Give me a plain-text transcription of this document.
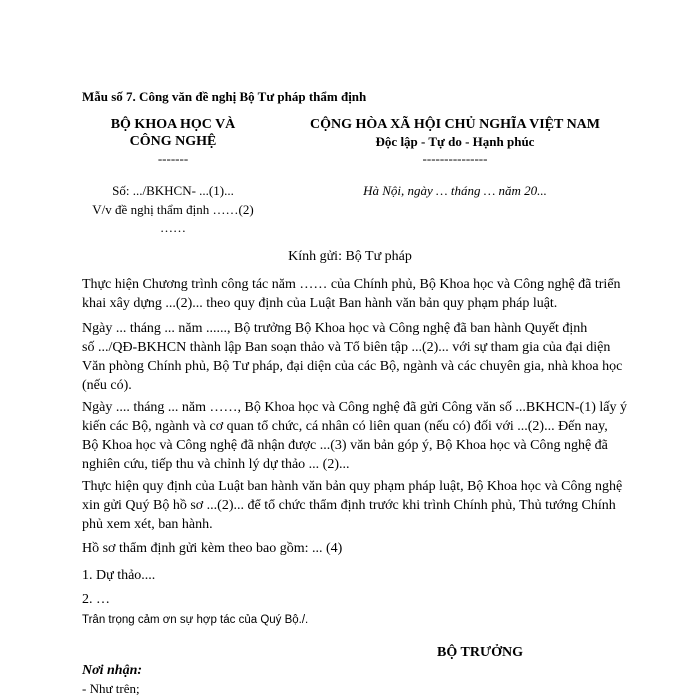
Mẫu số 7. Công văn đề nghị Bộ Tư pháp thẩm định
BỘ KHOA HỌC VÀ
CÔNG NGHỆ
-------
Số: .../BKHCN- ...(1)...
V/v đề nghị thẩm định ……(2)
……
CỘNG HÒA XÃ HỘI CHỦ NGHĨA VIỆT NAM
Độc lập - Tự do - Hạnh phúc
---------------
Hà Nội, ngày … tháng … năm 20...
Kính gửi: Bộ Tư pháp
Thực hiện Chương trình công tác năm …… của Chính phủ, Bộ Khoa học và Công nghệ đã triển
khai xây dựng ...(2)... theo quy định của Luật Ban hành văn bản quy phạm pháp luật.
Ngày ... tháng ... năm ......, Bộ trưởng Bộ Khoa học và Công nghệ đã ban hành Quyết định
số .../QĐ-BKHCN thành lập Ban soạn thảo và Tổ biên tập ...(2)... với sự tham gia của đại diện
Văn phòng Chính phủ, Bộ Tư pháp, đại diện của các Bộ, ngành và các chuyên gia, nhà khoa học
(nếu có).
Ngày .... tháng ... năm ……, Bộ Khoa học và Công nghệ đã gửi Công văn số ...BKHCN-(1) lấy ý
kiến các Bộ, ngành và cơ quan tổ chức, cá nhân có liên quan (nếu có) đối với ...(2)... Đến nay,
Bộ Khoa học và Công nghệ đã nhận được ...(3) văn bản góp ý, Bộ Khoa học và Công nghệ đã
nghiên cứu, tiếp thu và chỉnh lý dự thảo ... (2)...
Thực hiện quy định của Luật ban hành văn bản quy phạm pháp luật, Bộ Khoa học và Công nghệ
xin gửi Quý Bộ hồ sơ ...(2)... để tổ chức thẩm định trước khi trình Chính phủ, Thủ tướng Chính
phủ xem xét, ban hành.
Hồ sơ thẩm định gửi kèm theo bao gồm: ... (4)
1. Dự thảo....
2. …
Trân trọng cảm ơn sự hợp tác của Quý Bộ./.
BỘ TRƯỞNG
Nơi nhận:
- Như trên;
